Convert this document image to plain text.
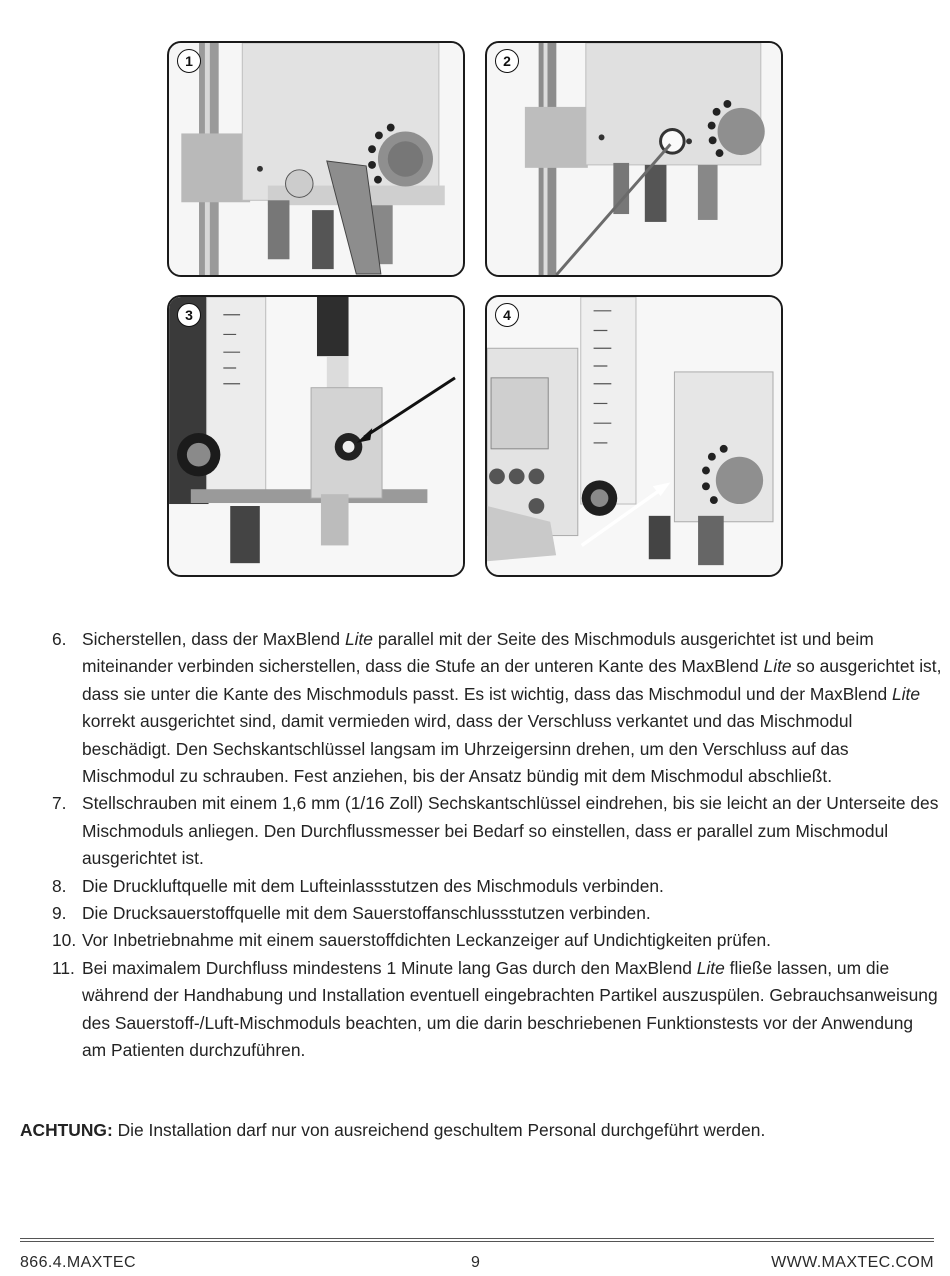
1	2
3	4
6. Sicherstellen, dass der MaxBlend Lite parallel mit der Seite des Mischmoduls ausgerichtet ist und beim miteinander verbinden sicherstellen, dass die Stufe an der unteren Kante des MaxBlend Lite so ausgerichtet ist, dass sie unter die Kante des Mischmoduls passt. Es ist wichtig, dass das Mischmodul und der MaxBlend Lite korrekt ausgerichtet sind, damit vermieden wird, dass der Verschluss verkantet und das Mischmodul beschädigt. Den Sechskantschlüssel langsam im Uhrzeigersinn drehen, um den Verschluss auf das Mischmodul zu schrauben. Fest anziehen, bis der Ansatz bündig mit dem Mischmodul abschließt.
7. Stellschrauben mit einem 1,6 mm (1/16 Zoll) Sechskantschlüssel eindrehen, bis sie leicht an der Unterseite des Mischmoduls anliegen. Den Durchflussmesser bei Bedarf so einstellen, dass er parallel zum Mischmodul ausgerichtet ist.
8. Die Druckluftquelle mit dem Lufteinlassstutzen des Mischmoduls verbinden.
9. Die Drucksauerstoffquelle mit dem Sauerstoffanschlussstutzen verbinden.
10. Vor Inbetriebnahme mit einem sauerstoffdichten Leckanzeiger auf Undichtigkeiten prüfen.
11. Bei maximalem Durchfluss mindestens 1 Minute lang Gas durch den MaxBlend Lite fließe lassen, um die während der Handhabung und Installation eventuell eingebrachten Partikel auszuspülen. Gebrauchsanweisung des Sauerstoff-/Luft-Mischmoduls beachten, um die darin beschriebenen Funktionstests vor der Anwendung am Patienten durchzuführen.
ACHTUNG: Die Installation darf nur von ausreichend geschultem Personal durchgeführt werden.
866.4.MAXTEC	9	WWW.MAXTEC.COM
